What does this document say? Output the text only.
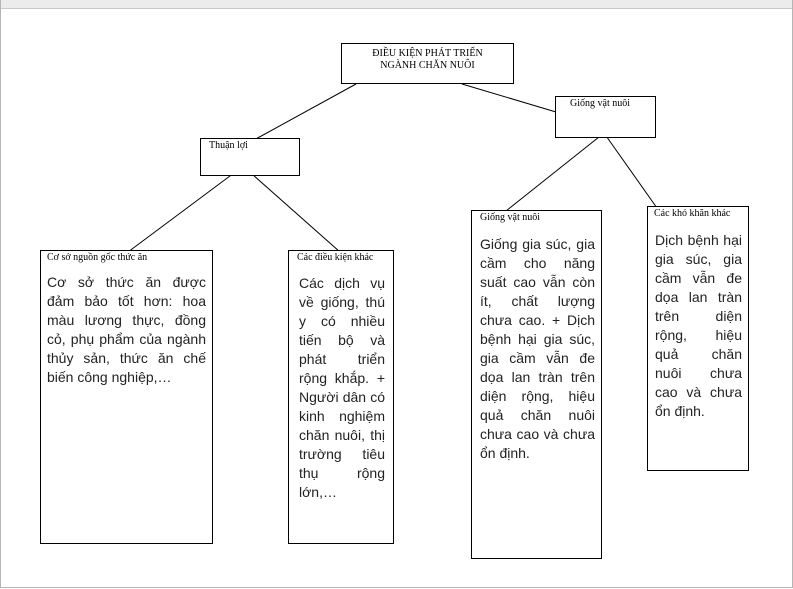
ĐIỀU KIỆN PHÁT TRIỂN
NGÀNH CHĂN NUÔI
Thuận lợi
Giống vật nuôi
Cơ sở nguồn gốc thức ăn
Cơ sở thức ăn được đảm bảo tốt hơn: hoa màu lương thực, đồng cỏ, phụ phẩm của ngành thủy sản, thức ăn chế biến công nghiệp,…
Các điều kiện khác
Các dịch vụ về giống, thú y có nhiều tiến bộ và phát triển rộng khắp. + Người dân có kinh nghiệm chăn nuôi, thị trường tiêu thụ rộng lớn,…
Giống vật nuôi
Giống gia súc, gia cầm cho năng suất cao vẫn còn ít, chất lượng chưa cao. + Dịch bệnh hại gia súc, gia cầm vẫn đe dọa lan tràn trên diện rộng, hiệu quả chăn nuôi chưa cao và chưa ổn định.
Các khó khăn khác
Dịch bệnh hại gia súc, gia cầm vẫn đe dọa lan tràn trên diện rộng, hiệu quả chăn nuôi chưa cao và chưa ổn định.
